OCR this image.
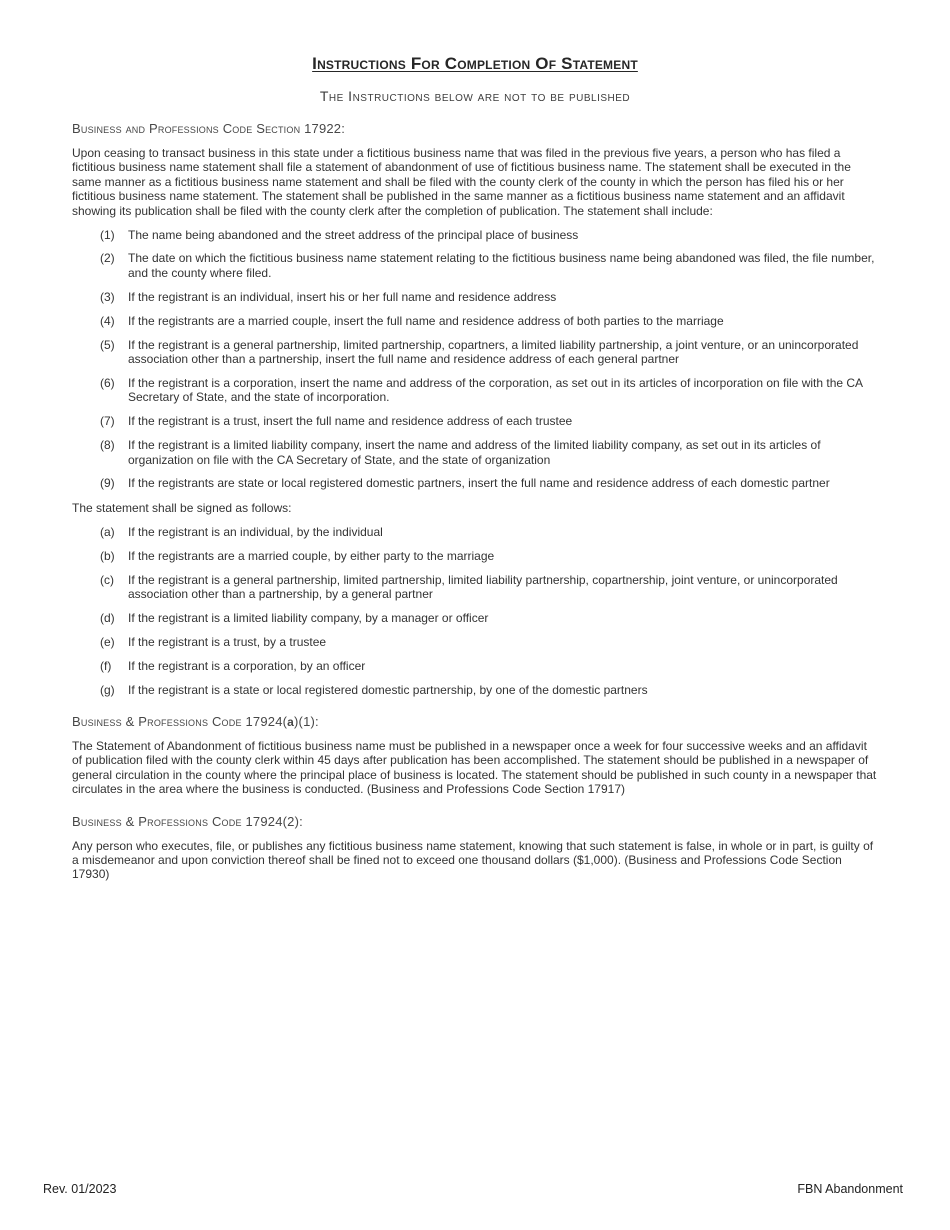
Instructions For Completion Of Statement
The Instructions below are not to be published
Business and Professions Code Section 17922:
Upon ceasing to transact business in this state under a fictitious business name that was filed in the previous five years, a person who has filed a fictitious business name statement shall file a statement of abandonment of use of fictitious business name. The statement shall be executed in the same manner as a fictitious business name statement and shall be filed with the county clerk of the county in which the person has filed his or her fictitious business name statement. The statement shall be published in the same manner as a fictitious business name statement and an affidavit showing its publication shall be filed with the county clerk after the completion of publication. The statement shall include:
(1)	The name being abandoned and the street address of the principal place of business
(2)	The date on which the fictitious business name statement relating to the fictitious business name being abandoned was filed, the file number, and the county where filed.
(3)	If the registrant is an individual, insert his or her full name and residence address
(4)	If the registrants are a married couple, insert the full name and residence address of both parties to the marriage
(5)	If the registrant is a general partnership, limited partnership, copartners, a limited liability partnership, a joint venture, or an unincorporated association other than a partnership, insert the full name and residence address of each general partner
(6)	If the registrant is a corporation, insert the name and address of the corporation, as set out in its articles of incorporation on file with the CA Secretary of State, and the state of incorporation.
(7)	If the registrant is a trust, insert the full name and residence address of each trustee
(8)	If the registrant is a limited liability company, insert the name and address of the limited liability company, as set out in its articles of organization on file with the CA Secretary of State, and the state of organization
(9)	If the registrants are state or local registered domestic partners, insert the full name and residence address of each domestic partner
The statement shall be signed as follows:
(a)	If the registrant is an individual, by the individual
(b)	If the registrants are a married couple, by either party to the marriage
(c)	If the registrant is a general partnership, limited partnership, limited liability partnership, copartnership, joint venture, or unincorporated association other than a partnership, by a general partner
(d)	If the registrant is a limited liability company, by a manager or officer
(e)	If the registrant is a trust, by a trustee
(f)	If the registrant is a corporation, by an officer
(g)	If the registrant is a state or local registered domestic partnership, by one of the domestic partners
Business & Professions Code 17924(a)(1):
The Statement of Abandonment of fictitious business name must be published in a newspaper once a week for four successive weeks and an affidavit of publication filed with the county clerk within 45 days after publication has been accomplished. The statement should be published in a newspaper of general circulation in the county where the principal place of business is located. The statement should be published in such county in a newspaper that circulates in the area where the business is conducted. (Business and Professions Code Section 17917)
Business & Professions Code 17924(2):
Any person who executes, file, or publishes any fictitious business name statement, knowing that such statement is false, in whole or in part, is guilty of a misdemeanor and upon conviction thereof shall be fined not to exceed one thousand dollars ($1,000). (Business and Professions Code Section 17930)
Rev. 01/2023	FBN Abandonment
